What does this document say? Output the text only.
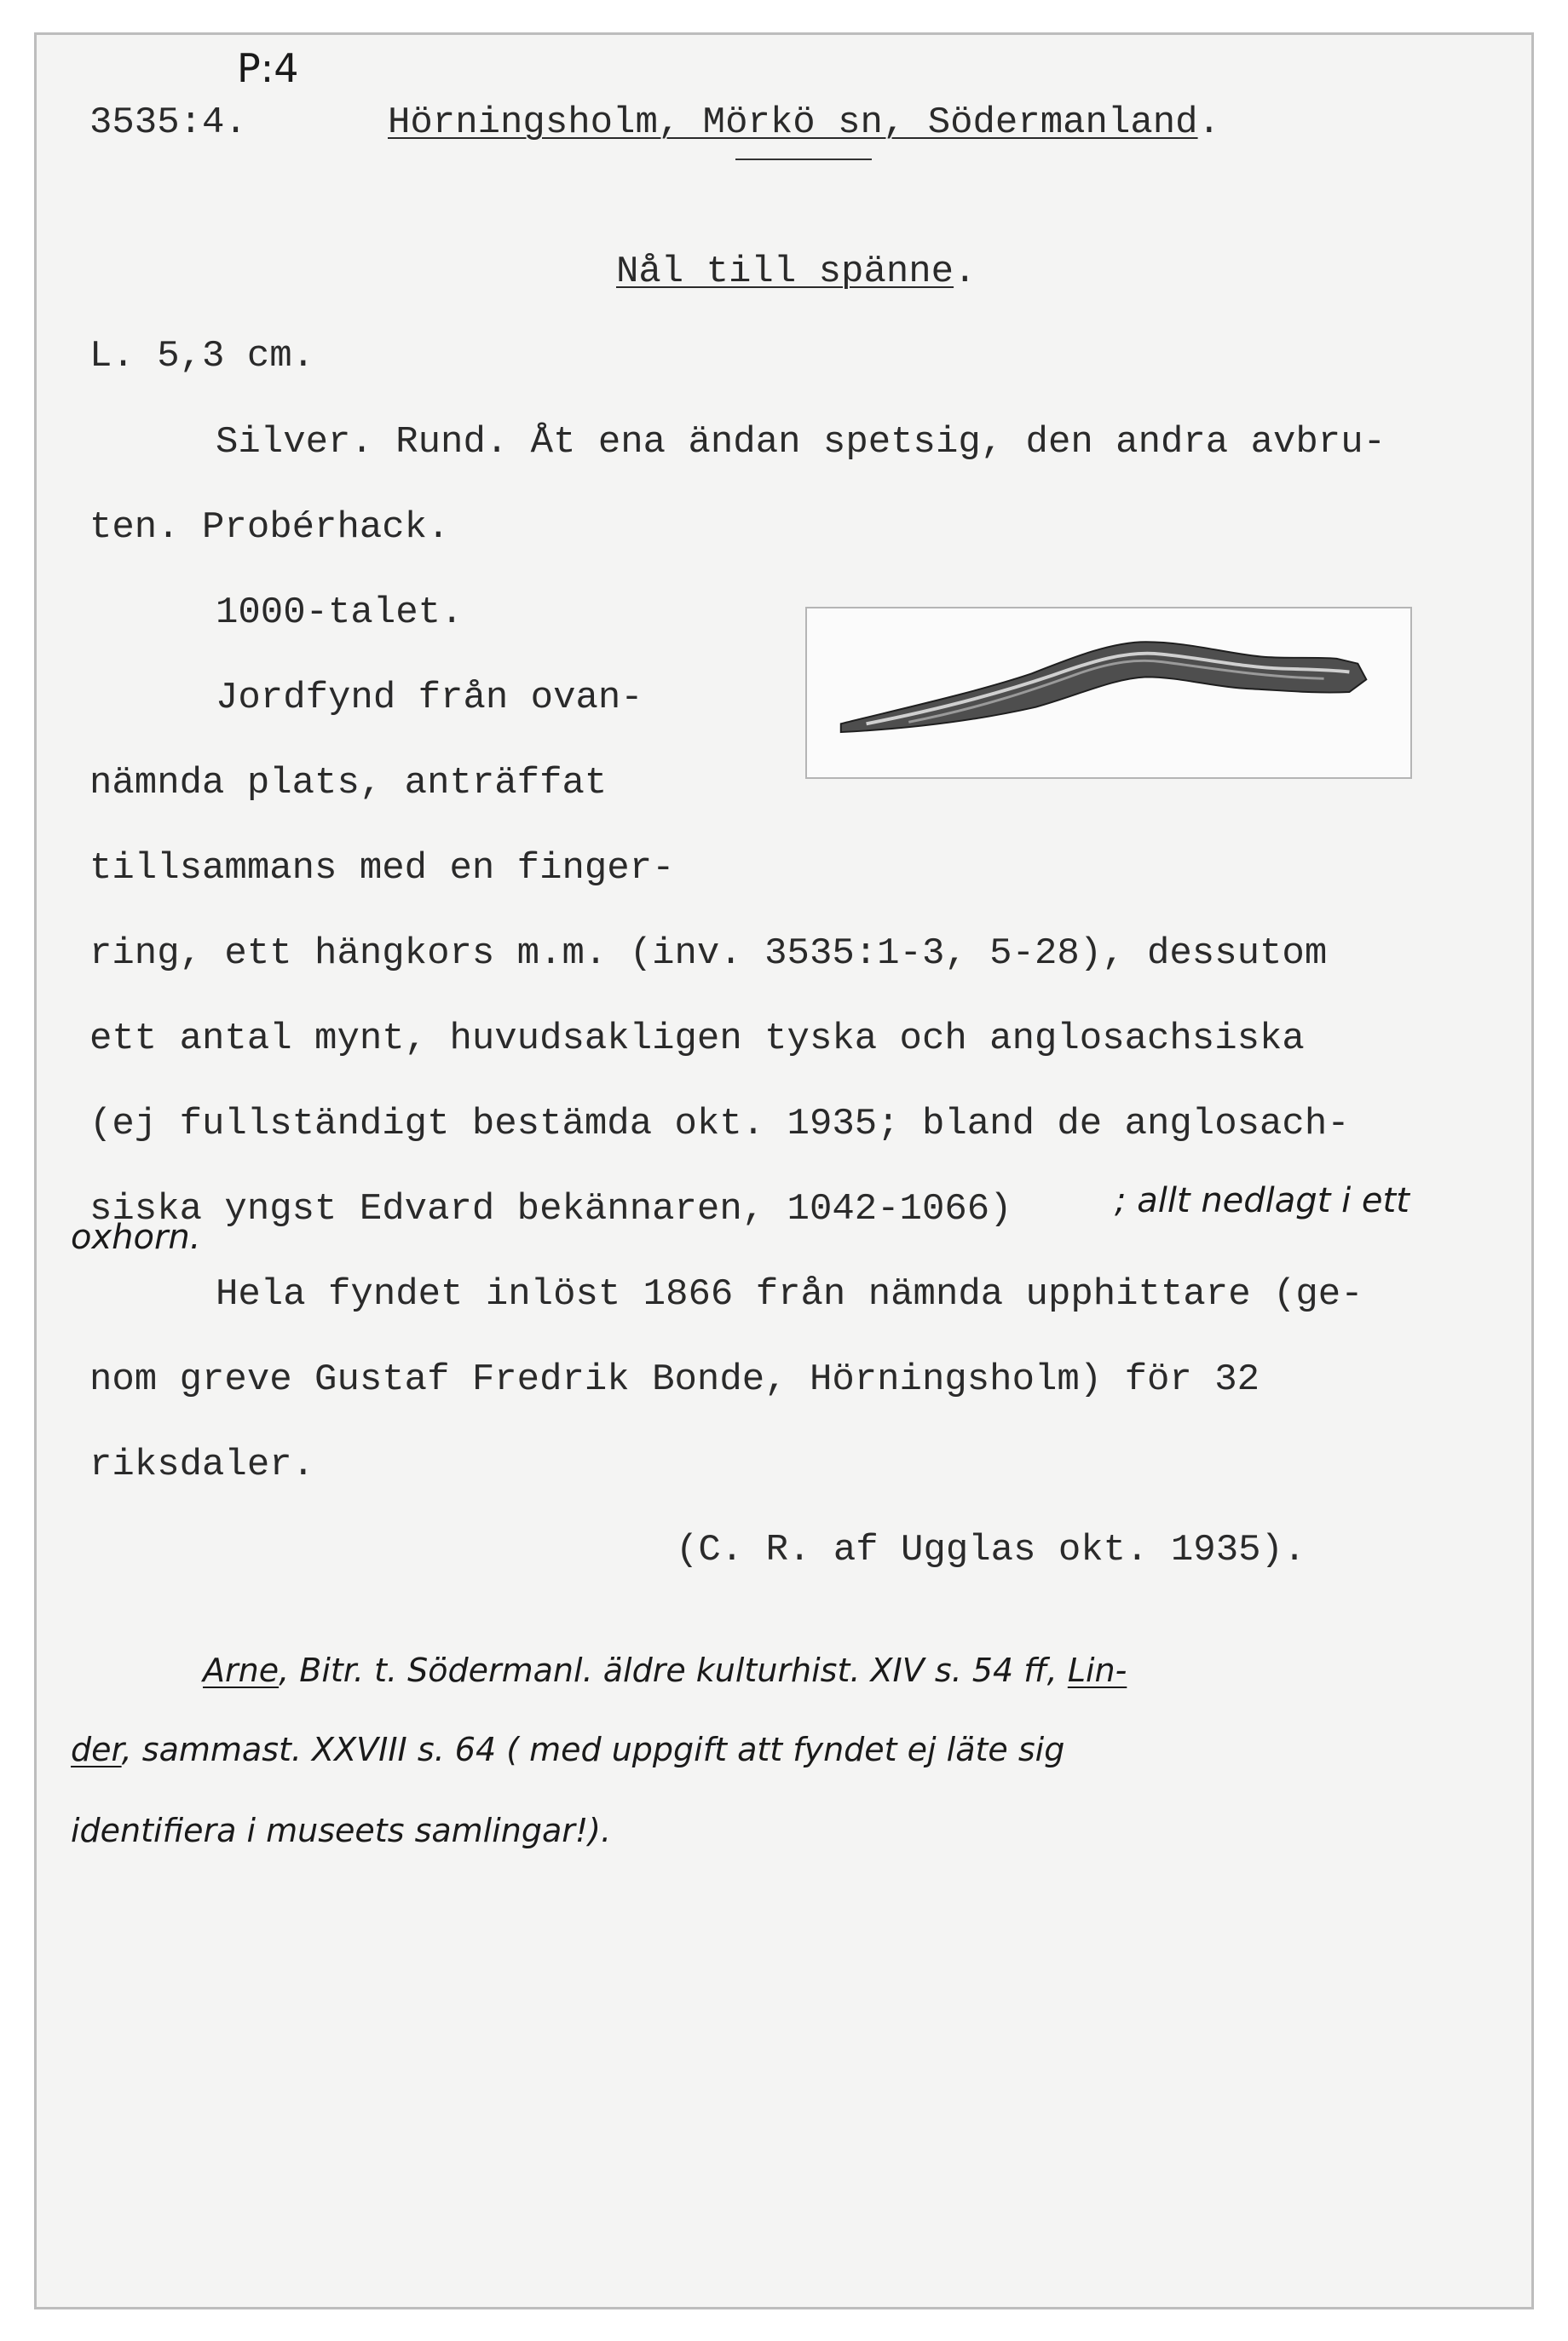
P:4

3535:4.	Hörningsholm, Mörkö sn, Södermanland.

Nål till spänne.

L. 5,3 cm.

Silver. Rund. Åt ena ändan spetsig, den andra avbru-

ten. Probérhack.

1000-talet.

Jordfynd från ovan-

nämnda plats, anträffat

tillsammans med en finger-

ring, ett hängkors m.m. (inv. 3535:1-3, 5-28), dessutom

ett antal mynt, huvudsakligen tyska och anglosachsiska

(ej fullständigt bestämda okt. 1935; bland de anglosach-

siska yngst Edvard bekännaren, 1042-1066)	; allt nedlagt i ett

oxhorn.

Hela fyndet inlöst 1866 från nämnda upphittare (ge-

nom greve Gustaf Fredrik Bonde, Hörningsholm) för 32

riksdaler.

(C. R. af Ugglas okt. 1935).

Arne, Bitr. t. Södermanl. äldre kulturhist. XIV s. 54 ff, Lin-

der, sammast. XXVIII s. 64 ( med uppgift att fyndet ej läte sig

identifiera i museets samlingar!).
